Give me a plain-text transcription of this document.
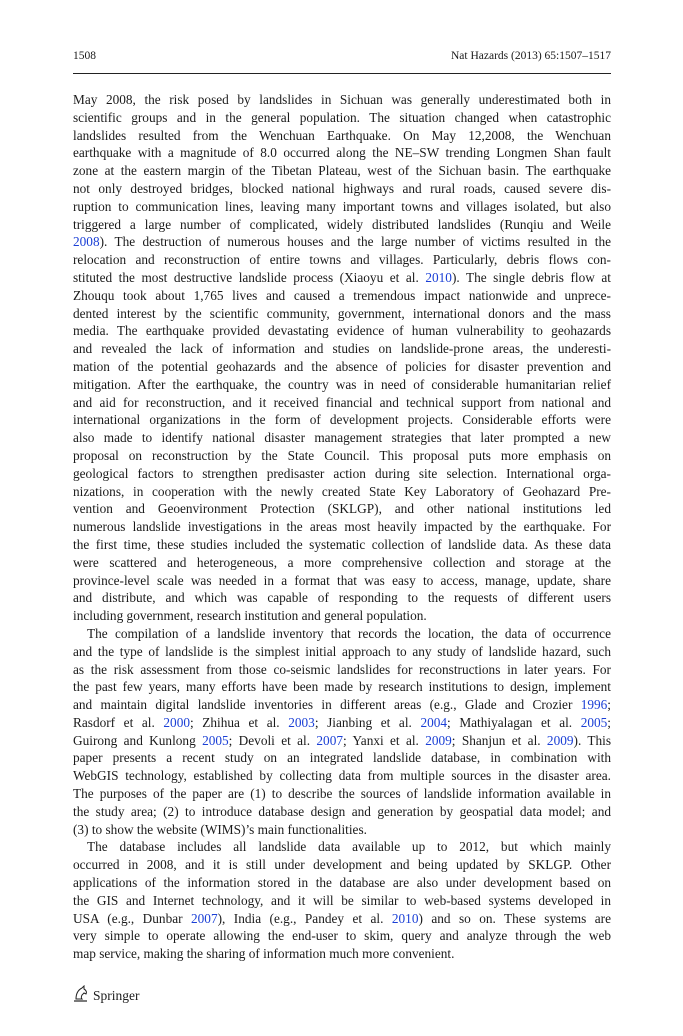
1508	Nat Hazards (2013) 65:1507–1517
May 2008, the risk posed by landslides in Sichuan was generally underestimated both in
scientific groups and in the general population. The situation changed when catastrophic
landslides resulted from the Wenchuan Earthquake. On May 12,2008, the Wenchuan
earthquake with a magnitude of 8.0 occurred along the NE–SW trending Longmen Shan fault
zone at the eastern margin of the Tibetan Plateau, west of the Sichuan basin. The earthquake
not only destroyed bridges, blocked national highways and rural roads, caused severe dis-
ruption to communication lines, leaving many important towns and villages isolated, but also
triggered a large number of complicated, widely distributed landslides (Runqiu and Weile
2008). The destruction of numerous houses and the large number of victims resulted in the
relocation and reconstruction of entire towns and villages. Particularly, debris flows con-
stituted the most destructive landslide process (Xiaoyu et al. 2010). The single debris flow at
Zhouqu took about 1,765 lives and caused a tremendous impact nationwide and unprece-
dented interest by the scientific community, government, international donors and the mass
media. The earthquake provided devastating evidence of human vulnerability to geohazards
and revealed the lack of information and studies on landslide-prone areas, the underesti-
mation of the potential geohazards and the absence of policies for disaster prevention and
mitigation. After the earthquake, the country was in need of considerable humanitarian relief
and aid for reconstruction, and it received financial and technical support from national and
international organizations in the form of development projects. Considerable efforts were
also made to identify national disaster management strategies that later prompted a new
proposal on reconstruction by the State Council. This proposal puts more emphasis on
geological factors to strengthen predisaster action during site selection. International orga-
nizations, in cooperation with the newly created State Key Laboratory of Geohazard Pre-
vention and Geoenvironment Protection (SKLGP), and other national institutions led
numerous landslide investigations in the areas most heavily impacted by the earthquake. For
the first time, these studies included the systematic collection of landslide data. As these data
were scattered and heterogeneous, a more comprehensive collection and storage at the
province-level scale was needed in a format that was easy to access, manage, update, share
and distribute, and which was capable of responding to the requests of different users
including government, research institution and general population.
The compilation of a landslide inventory that records the location, the data of occurrence
and the type of landslide is the simplest initial approach to any study of landslide hazard, such
as the risk assessment from those co-seismic landslides for reconstructions in later years. For
the past few years, many efforts have been made by research institutions to design, implement
and maintain digital landslide inventories in different areas (e.g., Glade and Crozier 1996;
Rasdorf et al. 2000; Zhihua et al. 2003; Jianbing et al. 2004; Mathiyalagan et al. 2005;
Guirong and Kunlong 2005; Devoli et al. 2007; Yanxi et al. 2009; Shanjun et al. 2009). This
paper presents a recent study on an integrated landslide database, in combination with
WebGIS technology, established by collecting data from multiple sources in the disaster area.
The purposes of the paper are (1) to describe the sources of landslide information available in
the study area; (2) to introduce database design and generation by geospatial data model; and
(3) to show the website (WIMS)’s main functionalities.
The database includes all landslide data available up to 2012, but which mainly
occurred in 2008, and it is still under development and being updated by SKLGP. Other
applications of the information stored in the database are also under development based on
the GIS and Internet technology, and it will be similar to web-based systems developed in
USA (e.g., Dunbar 2007), India (e.g., Pandey et al. 2010) and so on. These systems are
very simple to operate allowing the end-user to skim, query and analyze through the web
map service, making the sharing of information much more convenient.
Springer
